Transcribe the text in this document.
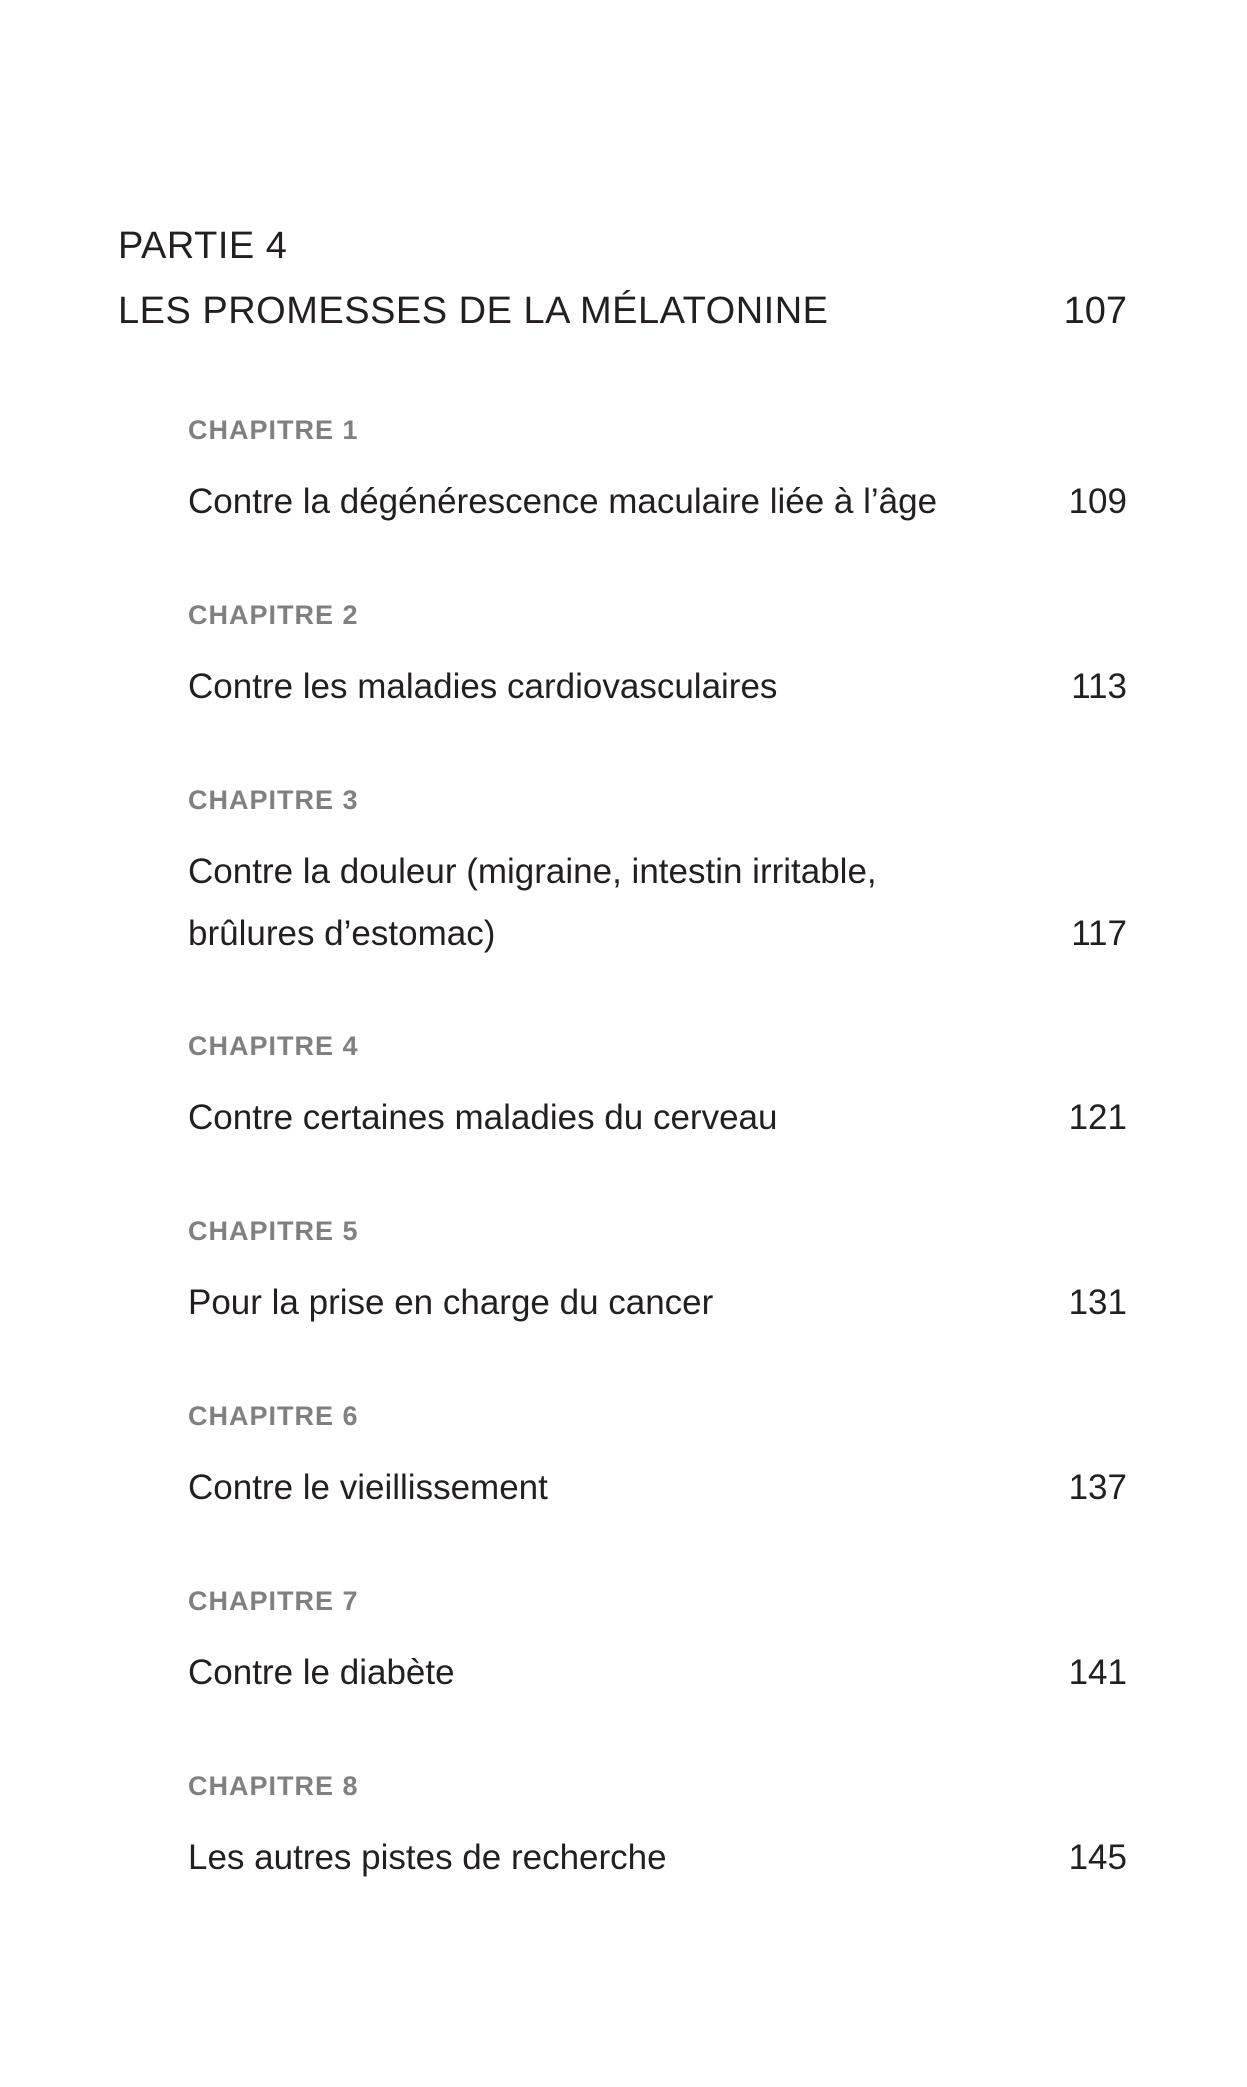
PARTIE 4
LES PROMESSES DE LA MÉLATONINE	107
CHAPITRE 1
Contre la dégénérescence maculaire liée à l’âge	109
CHAPITRE 2
Contre les maladies cardiovasculaires	113
CHAPITRE 3
Contre la douleur (migraine, intestin irritable,
brûlures d’estomac)	117
CHAPITRE 4
Contre certaines maladies du cerveau	121
CHAPITRE 5
Pour la prise en charge du cancer	131
CHAPITRE 6
Contre le vieillissement	137
CHAPITRE 7
Contre le diabète	141
CHAPITRE 8
Les autres pistes de recherche	145
